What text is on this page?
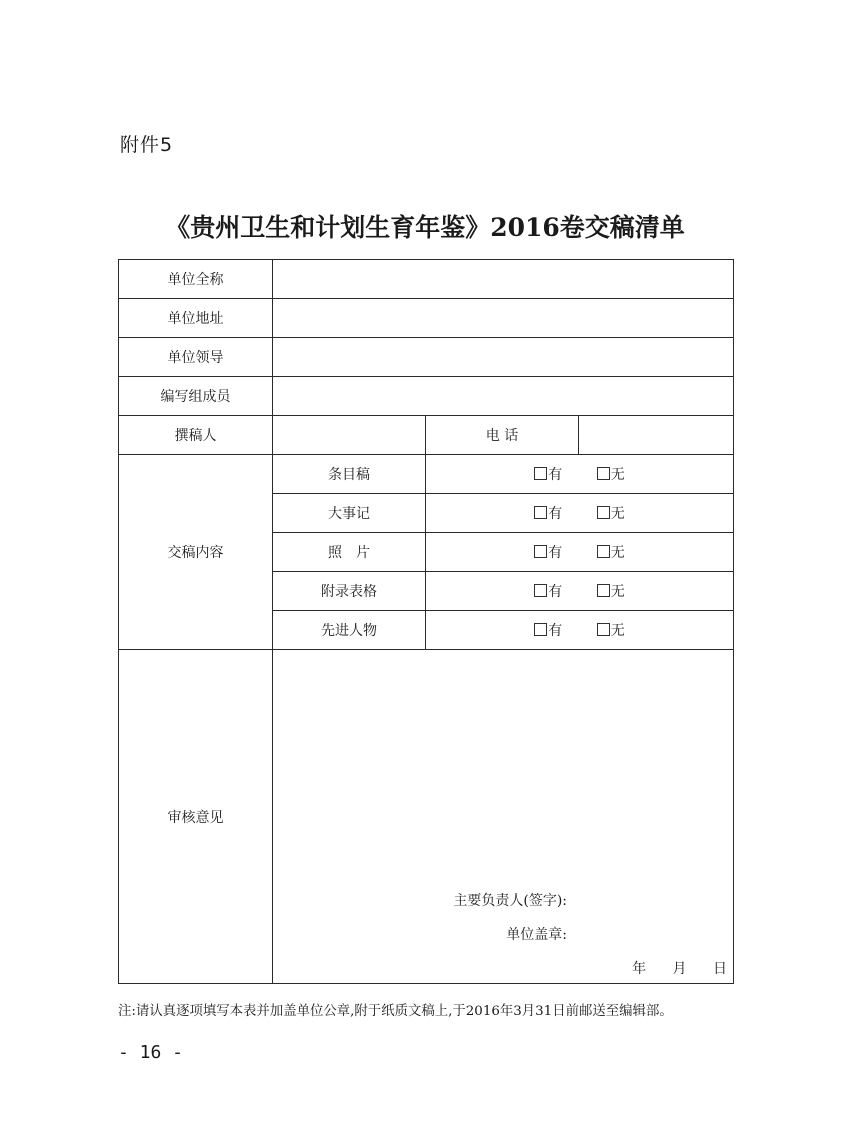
附件5
《贵州卫生和计划生育年鉴》2016卷交稿清单
单位全称			
单位地址			
单位领导			
编写组成员			
撰稿人		电 话	
交稿内容	条目稿	有 无	
	大事记	有 无	
	照　片	有 无	
	附录表格	有 无	
	先进人物	有 无	
审核意见	主要负责人(签字):
单位盖章:
年 月 日		
注:请认真逐项填写本表并加盖单位公章,附于纸质文稿上,于2016年3月31日前邮送至编辑部。
- 16 -
